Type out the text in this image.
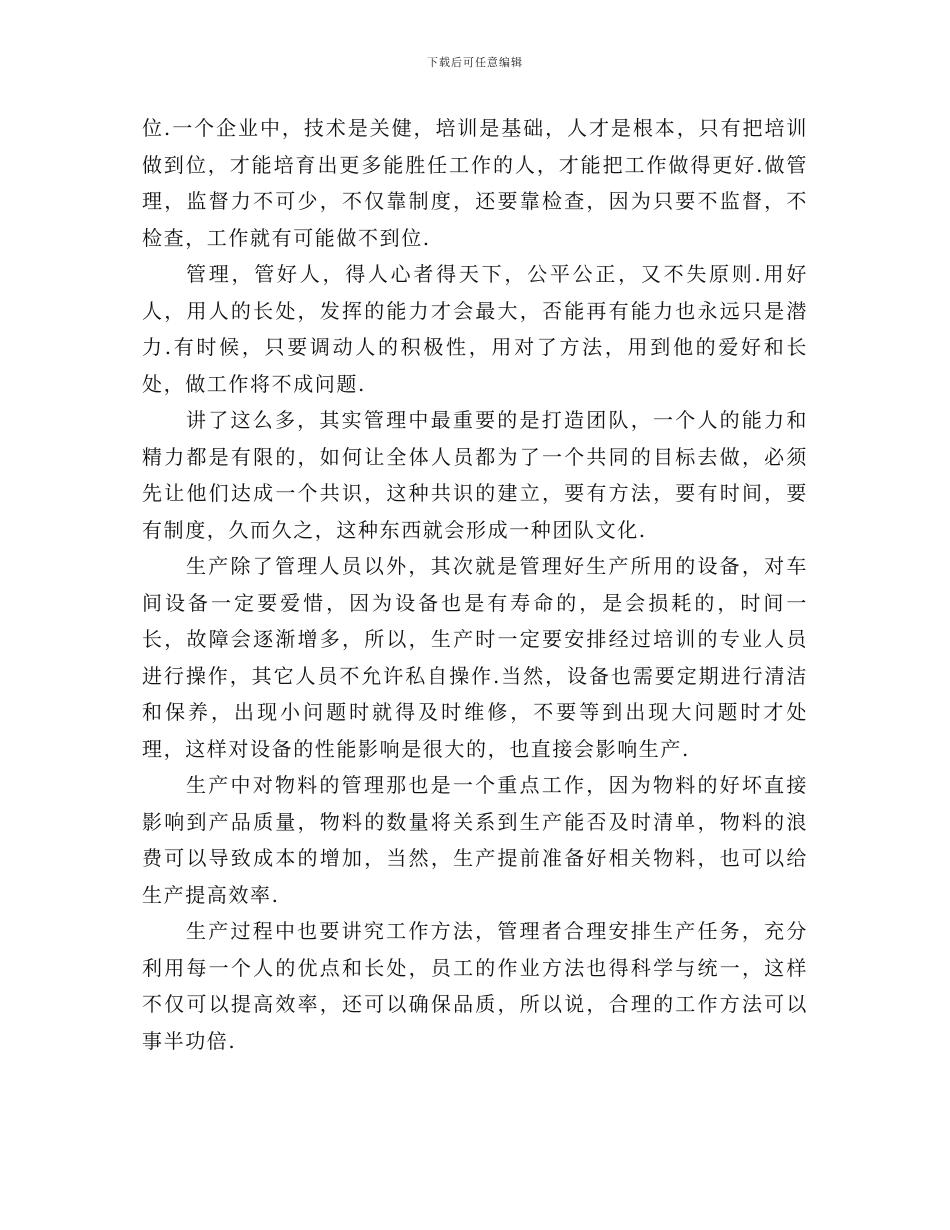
下载后可任意编辑

位.一个企业中，技术是关健，培训是基础，人才是根本，只有把培训做到位，才能培育出更多能胜任工作的人，才能把工作做得更好.做管理，监督力不可少，不仅靠制度，还要靠检查，因为只要不监督，不检查，工作就有可能做不到位.

管理，管好人，得人心者得天下，公平公正，又不失原则.用好人，用人的长处，发挥的能力才会最大，否能再有能力也永远只是潜力.有时候，只要调动人的积极性，用对了方法，用到他的爱好和长处，做工作将不成问题.

讲了这么多，其实管理中最重要的是打造团队，一个人的能力和精力都是有限的，如何让全体人员都为了一个共同的目标去做，必须先让他们达成一个共识，这种共识的建立，要有方法，要有时间，要有制度，久而久之，这种东西就会形成一种团队文化.

生产除了管理人员以外，其次就是管理好生产所用的设备，对车间设备一定要爱惜，因为设备也是有寿命的，是会损耗的，时间一长，故障会逐渐增多，所以，生产时一定要安排经过培训的专业人员进行操作，其它人员不允许私自操作.当然，设备也需要定期进行清洁和保养，出现小问题时就得及时维修，不要等到出现大问题时才处理，这样对设备的性能影响是很大的，也直接会影响生产.

生产中对物料的管理那也是一个重点工作，因为物料的好坏直接影响到产品质量，物料的数量将关系到生产能否及时清单，物料的浪费可以导致成本的增加，当然，生产提前准备好相关物料，也可以给生产提高效率.

生产过程中也要讲究工作方法，管理者合理安排生产任务，充分利用每一个人的优点和长处，员工的作业方法也得科学与统一，这样不仅可以提高效率，还可以确保品质，所以说，合理的工作方法可以事半功倍.
